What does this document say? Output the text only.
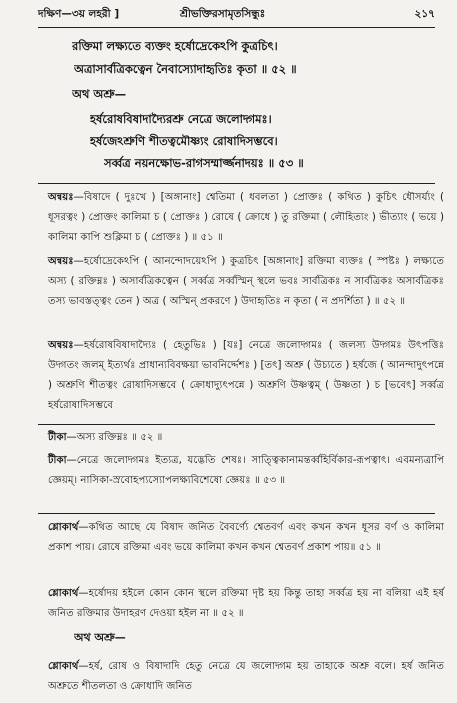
দক্ষিণ—৩য় লহরী ]	শ্রীভক্তিরসামৃতসিন্ধুঃ	২১৭
রক্তিমা লক্ষ্যতে ব্যক্তং হর্ষোদ্রেকেঽপি কুত্রচিৎ।
অত্রাসার্বত্রিকত্বেন নৈবাস্যোদাহৃতিঃ কৃতা ॥ ৫২ ॥
অথ অশ্রু—
হর্ষরোষবিষাদাদ্যৈরশ্রু নেত্রে জলোদ্গমঃ।
হর্ষজেঽশ্রুণি শীতত্বমৌষ্ণ্যং রোষাদিসম্ভবে।
সর্ব্বত্র নয়নক্ষোভ-রাগসম্মার্জ্জনাদয়ঃ ॥ ৫৩ ॥
অন্বয়ঃ—বিষাদে ( দুঃখে ) [অঙ্গানাং] শ্বেতিমা ( ধবলতা ) প্রোক্তঃ ( কথিত ) কুচিৎ ধৌসর্য্যং ( ধূসরত্বং ) প্রোক্তং কালিমা চ ( প্রোক্তঃ ) রোষে ( ক্রোধে ) তু রক্তিমা ( লৌহিত্যং ) ভীত্যাং ( ভয়ে ) কালিমা কাপি শুক্লিমা চ ( প্রোক্তঃ ) ॥ ৫১ ॥
অন্বয়ঃ—হর্ষোদ্রেকেঽপি ( আনন্দোদয়েঽপি ) কুত্রচিৎ [অঙ্গানাং] রক্তিমা ব্যক্তঃ ( স্পষ্টঃ ) লক্ষ্যতে অস্য ( রক্তিম্নঃ ) অসার্বত্রিকত্বেন ( সর্ব্বত্র সর্ব্বস্মিন্ স্থলে ভবঃ সার্বত্রিকঃ ন সার্বত্রিকঃ অসার্বত্রিকঃ তস্য ভাবস্তত্ত্বং তেন ) অত্র ( অস্মিন্ প্রকরণে ) উদাহৃতিঃ ন কৃতা ( ন প্রদর্শিতা ) ॥ ৫২ ॥
অন্বয়ঃ—হর্ষরোষবিষাদাদ্যৈঃ ( হেতুভিঃ ) [যঃ] নেত্রে জলোদ্গমঃ ( জলস্য উদ্গমঃ উৎপত্তিঃ উদ্গতং জলম্ ইত্যর্থঃ প্রাধান্যবিবক্ষয়া ভাবনির্দ্দেশঃ ) [তৎ] অশ্রু ( উচ্যতে ) হর্ষজে ( আনন্দাদুৎপন্নে ) অশ্রুণি শীতত্বং রোষাদিসম্ভবে ( ক্রোধাদ্যুৎপন্নে ) অশ্রুণি উষ্ণত্বম্ ( উষ্ণতা ) চ [ভবেৎ] সর্ব্বত্র হর্ষরোষাদিসম্ভবে
টীকা—অস্য রক্তিম্নঃ ॥ ৫২ ॥
টীকা—নেত্রে জলোদ্গমঃ ইত্যত্র, যদ্ভেতি শেষঃ। সাত্ত্বিকানামন্তর্ব্বহির্বিকার-রূপত্বাৎ। এবমন্যত্রাপি জ্ঞেয়ম্। নাসিকা-স্রবোহপ্যস্যোপলক্ষ্যবিশেষো জ্ঞেয়ঃ ॥ ৫৩ ॥
শ্লোকার্থ—কথিত আছে যে বিষাদ জনিত বৈবর্ণ্যে শ্বেতবর্ণ এবং কখন কখন ধূসর বর্ণ ও কালিমা প্রকাশ পায়। রোষে রক্তিমা এবং ভয়ে কালিমা কখন কখন শ্বেতবর্ণ প্রকাশ পায়॥ ৫১ ॥
শ্লোকার্থ—হর্ষোদয় হইলে কোন কোন স্থলে রক্তিমা দৃষ্ট হয় কিন্তু তাহা সর্ব্বত্র হয় না বলিয়া এই হর্ষ জনিত রক্তিমার উদাহরণ দেওয়া হইল না ॥ ৫২ ॥
অথ অশ্রু—
শ্লোকার্থ—হর্ষ, রোষ ও বিষাদাদি হেতু নেত্রে যে জলোদ্গম হয় তাহাকে অশ্রু বলে। হর্ষ জনিত অশ্রুতে শীতলতা ও ক্রোধাদি জনিত
